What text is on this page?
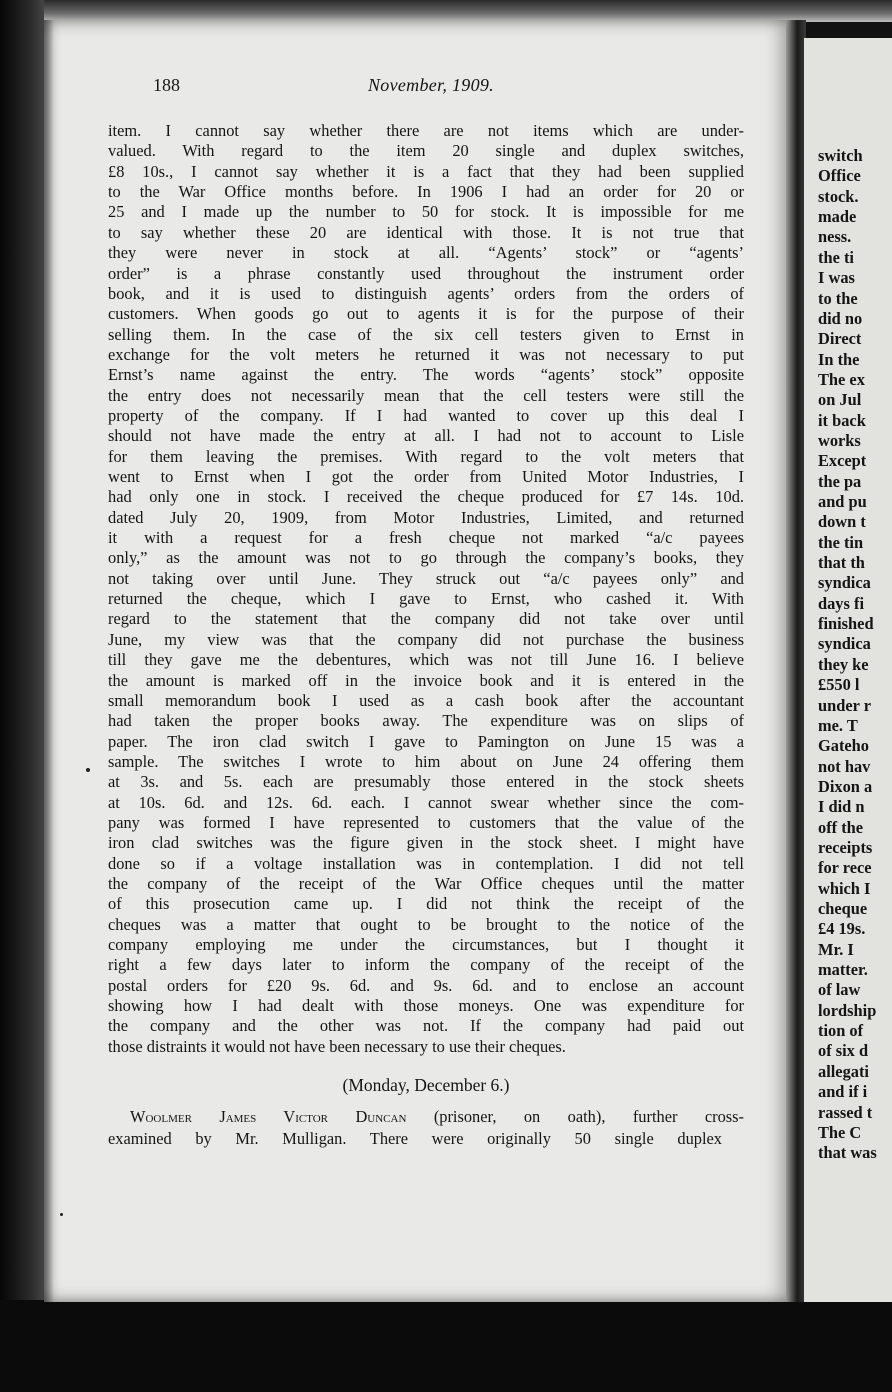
188	November, 1909.
item. I cannot say whether there are not items which are under-
valued. With regard to the item 20 single and duplex switches,
£8 10s., I cannot say whether it is a fact that they had been supplied
to the War Office months before. In 1906 I had an order for 20 or
25 and I made up the number to 50 for stock. It is impossible for me
to say whether these 20 are identical with those. It is not true that
they were never in stock at all. “Agents’ stock” or “agents’
order” is a phrase constantly used throughout the instrument order
book, and it is used to distinguish agents’ orders from the orders of
customers. When goods go out to agents it is for the purpose of their
selling them. In the case of the six cell testers given to Ernst in
exchange for the volt meters he returned it was not necessary to put
Ernst’s name against the entry. The words “agents’ stock” opposite
the entry does not necessarily mean that the cell testers were still the
property of the company. If I had wanted to cover up this deal I
should not have made the entry at all. I had not to account to Lisle
for them leaving the premises. With regard to the volt meters that
went to Ernst when I got the order from United Motor Industries, I
had only one in stock. I received the cheque produced for £7 14s. 10d.
dated July 20, 1909, from Motor Industries, Limited, and returned
it with a request for a fresh cheque not marked “a/c payees
only,” as the amount was not to go through the company’s books, they
not taking over until June. They struck out “a/c payees only” and
returned the cheque, which I gave to Ernst, who cashed it. With
regard to the statement that the company did not take over until
June, my view was that the company did not purchase the business
till they gave me the debentures, which was not till June 16. I believe
the amount is marked off in the invoice book and it is entered in the
small memorandum book I used as a cash book after the accountant
had taken the proper books away. The expenditure was on slips of
paper. The iron clad switch I gave to Pamington on June 15 was a
sample. The switches I wrote to him about on June 24 offering them
at 3s. and 5s. each are presumably those entered in the stock sheets
at 10s. 6d. and 12s. 6d. each. I cannot swear whether since the com-
pany was formed I have represented to customers that the value of the
iron clad switches was the figure given in the stock sheet. I might have
done so if a voltage installation was in contemplation. I did not tell
the company of the receipt of the War Office cheques until the matter
of this prosecution came up. I did not think the receipt of the
cheques was a matter that ought to be brought to the notice of the
company employing me under the circumstances, but I thought it
right a few days later to inform the company of the receipt of the
postal orders for £20 9s. 6d. and 9s. 6d. and to enclose an account
showing how I had dealt with those moneys. One was expenditure for
the company and the other was not. If the company had paid out
those distraints it would not have been necessary to use their cheques.
(Monday, December 6.)
Woolmer James Victor Duncan (prisoner, on oath), further cross-
examined by Mr. Mulligan. There were originally 50 single duplex
switch
Office
stock.
made
ness.
the ti
I was
to the
did no
Direct
In the
The ex
on Jul
it back
works
Except
the pa
and pu
down t
the tin
that th
syndica
days fi
finished
syndica
they ke
£550 l
under r
me. T
Gateho
not hav
Dixon a
I did n
off the
receipts
for rece
which I
cheque
£4 19s.
Mr. I
matter.
of law
lordship
tion of
of six d
allegati
and if i
rassed t
The C
that was
